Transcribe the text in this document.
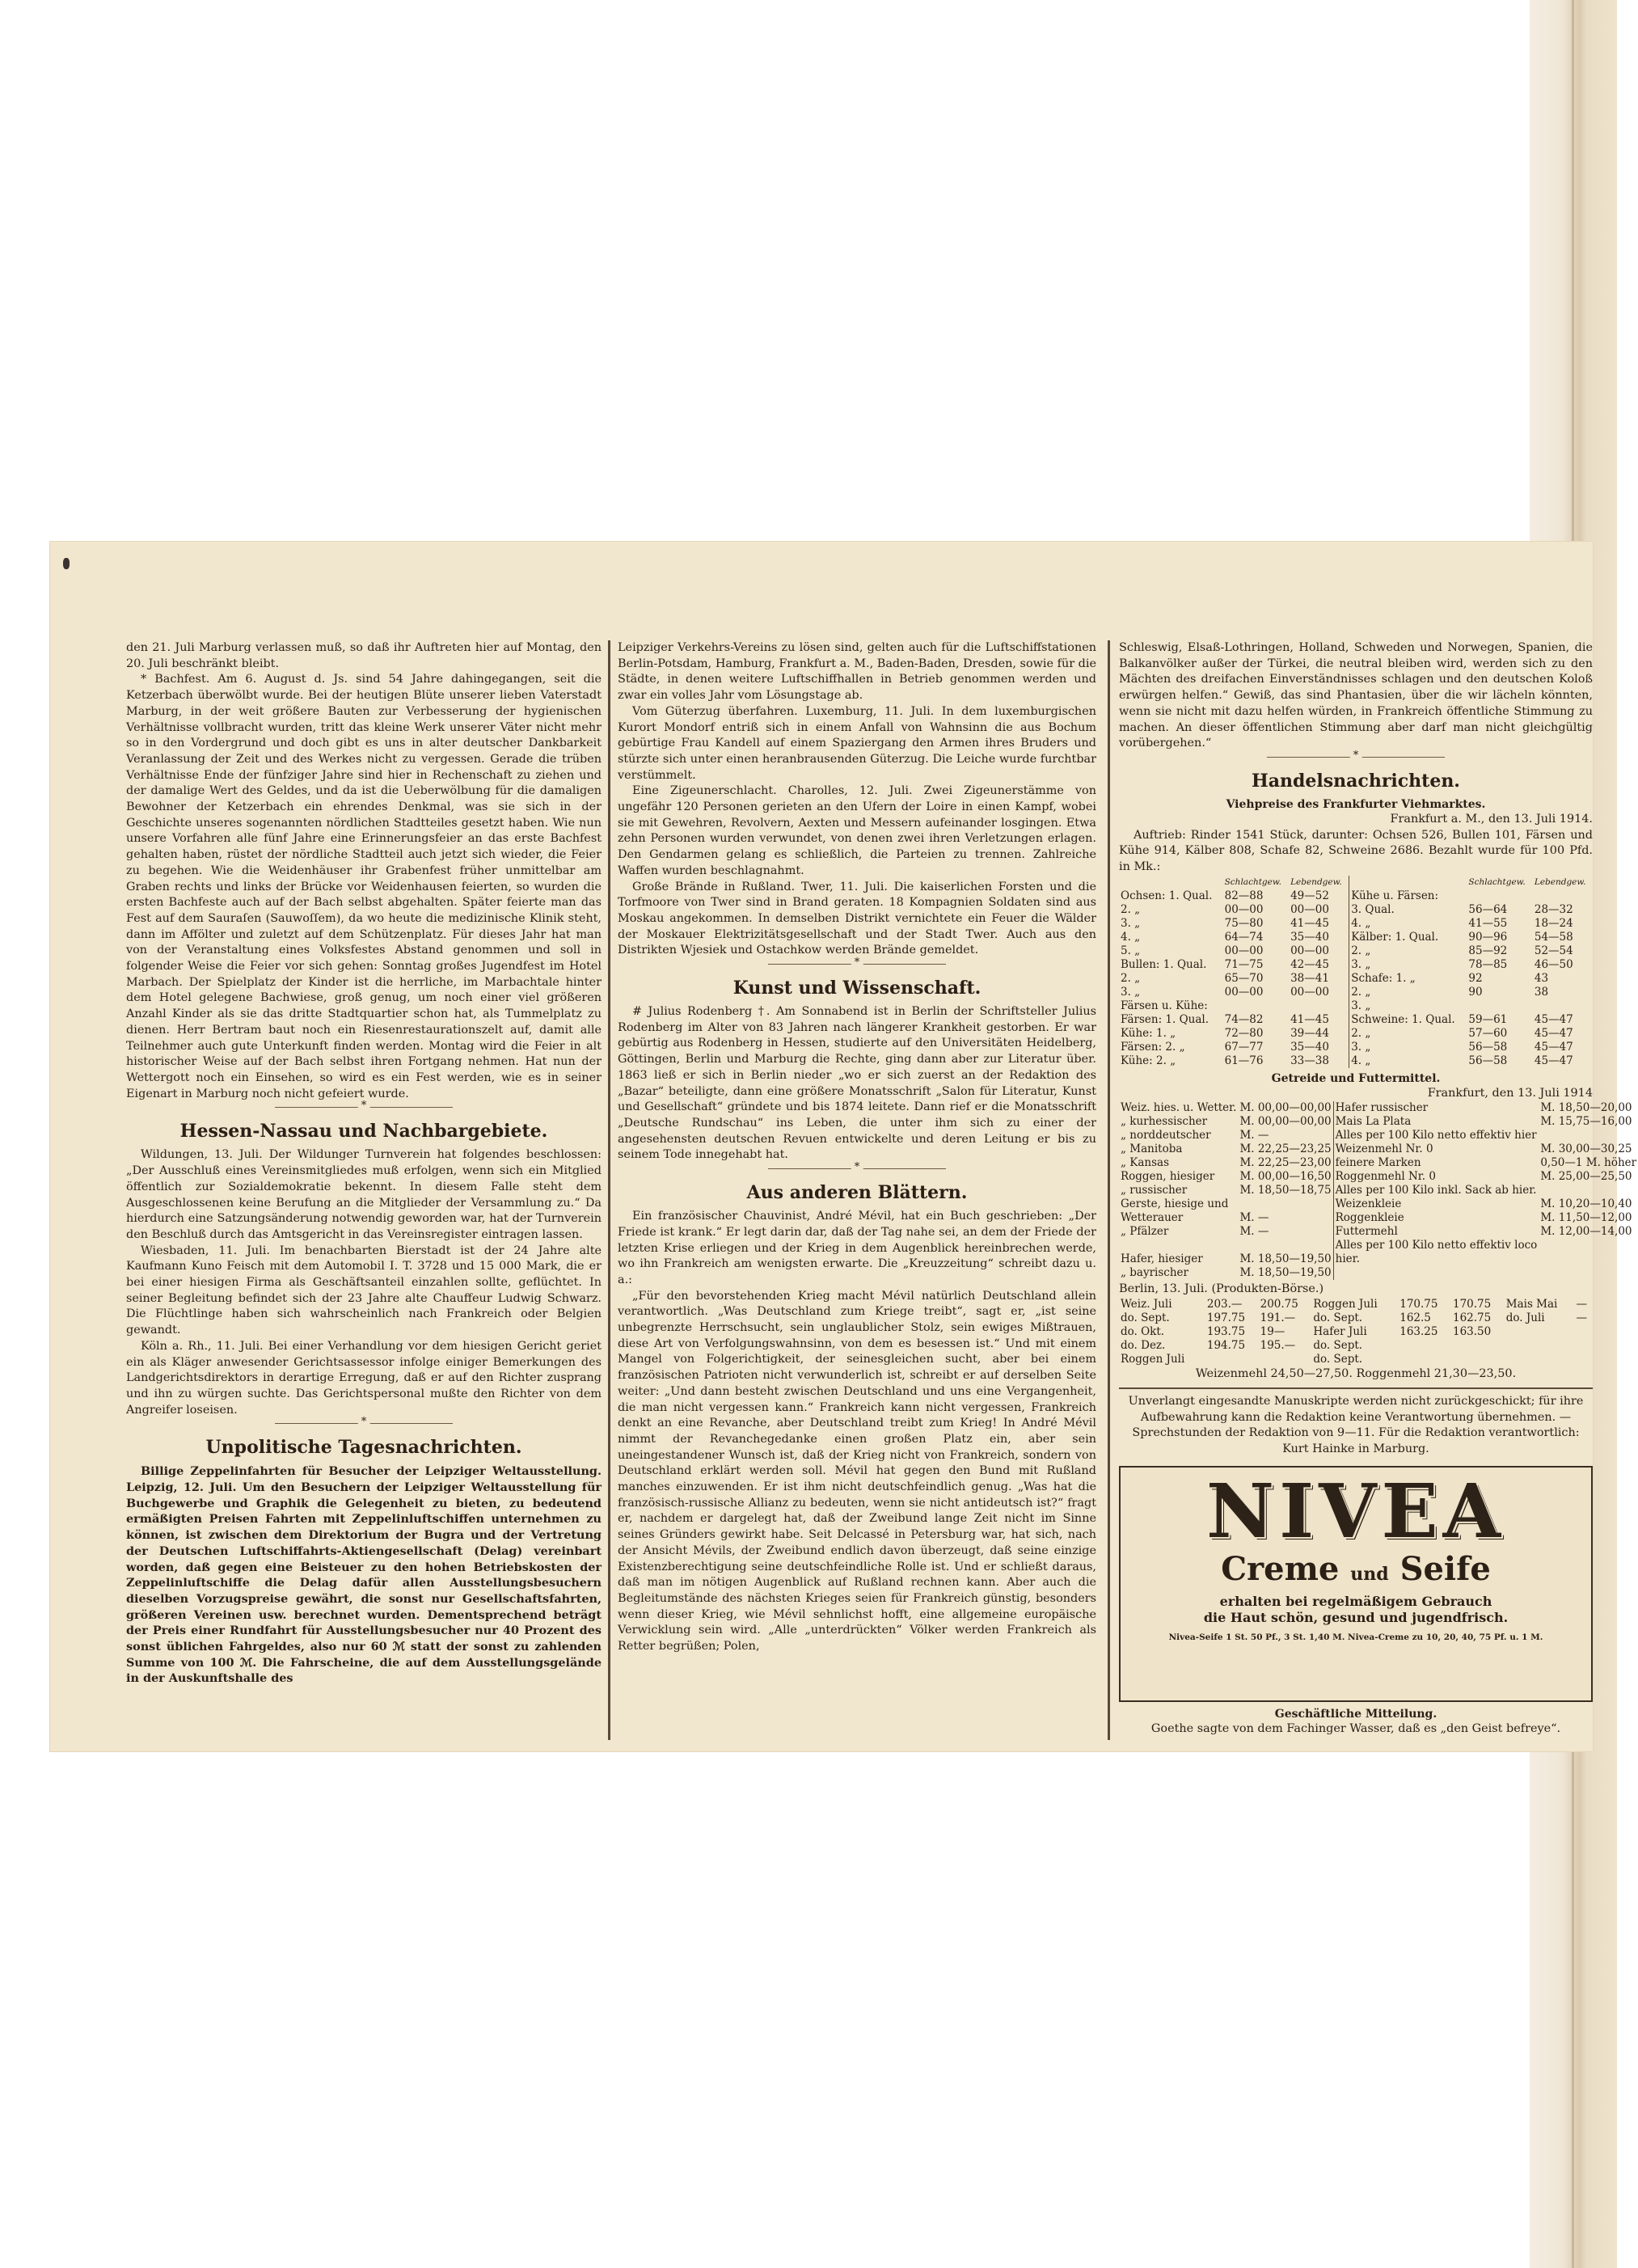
den 21. Juli Marburg verlassen muß, so daß ihr Auftreten hier auf Montag, den 20. Juli beschränkt bleibt.

* Bachfest. Am 6. August d. Js. sind 54 Jahre dahingegangen, seit die Ketzerbach überwölbt wurde. Bei der heutigen Blüte unserer lieben Vaterstadt Marburg, in der weit größere Bauten zur Verbesserung der hygienischen Verhältnisse vollbracht wurden, tritt das kleine Werk unserer Väter nicht mehr so in den Vordergrund und doch gibt es uns in alter deutscher Dankbarkeit Veranlassung der Zeit und des Werkes nicht zu vergessen. Gerade die trüben Verhältnisse Ende der fünfziger Jahre sind hier in Rechenschaft zu ziehen und der damalige Wert des Geldes, und da ist die Ueberwölbung für die damaligen Bewohner der Ketzerbach ein ehrendes Denkmal, was sie sich in der Geschichte unseres sogenannten nördlichen Stadtteiles gesetzt haben. Wie nun unsere Vorfahren alle fünf Jahre eine Erinnerungsfeier an das erste Bachfest gehalten haben, rüstet der nördliche Stadtteil auch jetzt sich wieder, die Feier zu begehen. Wie die Weidenhäuser ihr Grabenfest früher unmittelbar am Graben rechts und links der Brücke vor Weidenhausen feierten, so wurden die ersten Bachfeste auch auf der Bach selbst abgehalten. Später feierte man das Fest auf dem Sauraſen (Sauwoſſem), da wo heute die medizinische Klinik steht, dann im Affölter und zuletzt auf dem Schützenplatz. Für dieses Jahr hat man von der Veranstaltung eines Volksfestes Abstand genommen und soll in folgender Weise die Feier vor sich gehen: Sonntag großes Jugendfest im Hotel Marbach. Der Spielplatz der Kinder ist die herrliche, im Marbachtale hinter dem Hotel gelegene Bachwiese, groß genug, um noch einer viel größeren Anzahl Kinder als sie das dritte Stadtquartier schon hat, als Tummelplatz zu dienen. Herr Bertram baut noch ein Riesenrestaurationszelt auf, damit alle Teilnehmer auch gute Unterkunft finden werden. Montag wird die Feier in alt historischer Weise auf der Bach selbst ihren Fortgang nehmen. Hat nun der Wettergott noch ein Einsehen, so wird es ein Fest werden, wie es in seiner Eigenart in Marburg noch nicht gefeiert wurde.

*
Hessen-Nassau und Nachbargebiete.

Wildungen, 13. Juli. Der Wildunger Turnverein hat folgendes beschlossen: „Der Ausschluß eines Vereinsmitgliedes muß erfolgen, wenn sich ein Mitglied öffentlich zur Sozialdemokratie bekennt. In diesem Falle steht dem Ausgeschlossenen keine Berufung an die Mitglieder der Versammlung zu.“ Da hierdurch eine Satzungsänderung notwendig geworden war, hat der Turnverein den Beschluß durch das Amtsgericht in das Vereinsregister eintragen lassen.

Wiesbaden, 11. Juli. Im benachbarten Bierstadt ist der 24 Jahre alte Kaufmann Kuno Feisch mit dem Automobil I. T. 3728 und 15 000 Mark, die er bei einer hiesigen Firma als Geschäftsanteil einzahlen sollte, geflüchtet. In seiner Begleitung befindet sich der 23 Jahre alte Chauffeur Ludwig Schwarz. Die Flüchtlinge haben sich wahrscheinlich nach Frankreich oder Belgien gewandt.

Köln a. Rh., 11. Juli. Bei einer Verhandlung vor dem hiesigen Gericht geriet ein als Kläger anwesender Gerichtsassessor infolge einiger Bemerkungen des Landgerichtsdirektors in derartige Erregung, daß er auf den Richter zusprang und ihn zu würgen suchte. Das Gerichtspersonal mußte den Richter von dem Angreifer loseisen.

*
Unpolitische Tagesnachrichten.

Billige Zeppelinfahrten für Besucher der Leipziger Weltausstellung. Leipzig, 12. Juli. Um den Besuchern der Leipziger Weltausstellung für Buchgewerbe und Graphik die Gelegenheit zu bieten, zu bedeutend ermäßigten Preisen Fahrten mit Zeppelinluftschiffen unternehmen zu können, ist zwischen dem Direktorium der Bugra und der Vertretung der Deutschen Luftschiffahrts-Aktiengesellschaft (Delag) vereinbart worden, daß gegen eine Beisteuer zu den hohen Betriebskosten der Zeppelinluftschiffe die Delag dafür allen Ausstellungsbesuchern dieselben Vorzugspreise gewährt, die sonst nur Gesellschaftsfahrten, größeren Vereinen usw. berechnet wurden. Dementsprechend beträgt der Preis einer Rundfahrt für Ausstellungsbesucher nur 40 Prozent des sonst üblichen Fahrgeldes, also nur 60 ℳ statt der sonst zu zahlenden Summe von 100 ℳ. Die Fahrscheine, die auf dem Ausstellungsgelände in der Auskunftshalle des

Leipziger Verkehrs-Vereins zu lösen sind, gelten auch für die Luftschiffstationen Berlin-Potsdam, Hamburg, Frankfurt a. M., Baden-Baden, Dresden, sowie für die Städte, in denen weitere Luftschiffhallen in Betrieb genommen werden und zwar ein volles Jahr vom Lösungstage ab.

Vom Güterzug überfahren. Luxemburg, 11. Juli. In dem luxemburgischen Kurort Mondorf entriß sich in einem Anfall von Wahnsinn die aus Bochum gebürtige Frau Kandell auf einem Spaziergang den Armen ihres Bruders und stürzte sich unter einen heranbrausenden Güterzug. Die Leiche wurde furchtbar verstümmelt.

Eine Zigeunerschlacht. Charolles, 12. Juli. Zwei Zigeunerstämme von ungefähr 120 Personen gerieten an den Ufern der Loire in einen Kampf, wobei sie mit Gewehren, Revolvern, Aexten und Messern aufeinander losgingen. Etwa zehn Personen wurden verwundet, von denen zwei ihren Verletzungen erlagen. Den Gendarmen gelang es schließlich, die Parteien zu trennen. Zahlreiche Waffen wurden beschlagnahmt.

Große Brände in Rußland. Twer, 11. Juli. Die kaiserlichen Forsten und die Torfmoore von Twer sind in Brand geraten. 18 Kompagnien Soldaten sind aus Moskau angekommen. In demselben Distrikt vernichtete ein Feuer die Wälder der Moskauer Elektrizitätsgesellschaft und der Stadt Twer. Auch aus den Distrikten Wjesiek und Ostachkow werden Brände gemeldet.

*
Kunst und Wissenschaft.

# Julius Rodenberg †. Am Sonnabend ist in Berlin der Schriftsteller Julius Rodenberg im Alter von 83 Jahren nach längerer Krankheit gestorben. Er war gebürtig aus Rodenberg in Hessen, studierte auf den Universitäten Heidelberg, Göttingen, Berlin und Marburg die Rechte, ging dann aber zur Literatur über. 1863 ließ er sich in Berlin nieder „wo er sich zuerst an der Redaktion des „Bazar“ beteiligte, dann eine größere Monatsschrift „Salon für Literatur, Kunst und Gesellschaft“ gründete und bis 1874 leitete. Dann rief er die Monatsschrift „Deutsche Rundschau“ ins Leben, die unter ihm sich zu einer der angesehensten deutschen Revuen entwickelte und deren Leitung er bis zu seinem Tode innegehabt hat.

*
Aus anderen Blättern.

Ein französischer Chauvinist, André Mévil, hat ein Buch geschrieben: „Der Friede ist krank.“ Er legt darin dar, daß der Tag nahe sei, an dem der Friede der letzten Krise erliegen und der Krieg in dem Augenblick hereinbrechen werde, wo ihn Frankreich am wenigsten erwarte. Die „Kreuzzeitung“ schreibt dazu u. a.:

„Für den bevorstehenden Krieg macht Mévil natürlich Deutschland allein verantwortlich. „Was Deutschland zum Kriege treibt“, sagt er, „ist seine unbegrenzte Herrschsucht, sein unglaublicher Stolz, sein ewiges Mißtrauen, diese Art von Verfolgungswahnsinn, von dem es besessen ist.“ Und mit einem Mangel von Folgerichtigkeit, der seinesgleichen sucht, aber bei einem französischen Patrioten nicht verwunderlich ist, schreibt er auf derselben Seite weiter: „Und dann besteht zwischen Deutschland und uns eine Vergangenheit, die man nicht vergessen kann.“ Frankreich kann nicht vergessen, Frankreich denkt an eine Revanche, aber Deutschland treibt zum Krieg! In André Mévil nimmt der Revanchegedanke einen großen Platz ein, aber sein uneingestandener Wunsch ist, daß der Krieg nicht von Frankreich, sondern von Deutschland erklärt werden soll. Mévil hat gegen den Bund mit Rußland manches einzuwenden. Er ist ihm nicht deutschfeindlich genug. „Was hat die französisch-russische Allianz zu bedeuten, wenn sie nicht antideutsch ist?“ fragt er, nachdem er dargelegt hat, daß der Zweibund lange Zeit nicht im Sinne seines Gründers gewirkt habe. Seit Delcassé in Petersburg war, hat sich, nach der Ansicht Mévils, der Zweibund endlich davon überzeugt, daß seine einzige Existenzberechtigung seine deutschfeindliche Rolle ist. Und er schließt daraus, daß man im nötigen Augenblick auf Rußland rechnen kann. Aber auch die Begleitumstände des nächsten Krieges seien für Frankreich günstig, besonders wenn dieser Krieg, wie Mévil sehnlichst hofft, eine allgemeine europäische Verwicklung sein wird. „Alle „unterdrückten“ Völker werden Frankreich als Retter begrüßen; Polen,

Schleswig, Elsaß-Lothringen, Holland, Schweden und Norwegen, Spanien, die Balkanvölker außer der Türkei, die neutral bleiben wird, werden sich zu den Mächten des dreifachen Einverständnisses schlagen und den deutschen Koloß erwürgen helfen.“ Gewiß, das sind Phantasien, über die wir lächeln könnten, wenn sie nicht mit dazu helfen würden, in Frankreich öffentliche Stimmung zu machen. An dieser öffentlichen Stimmung aber darf man nicht gleichgültig vorübergehen.“

*
Handelsnachrichten.
Viehpreise des Frankfurter Viehmarktes.
Frankfurt a. M., den 13. Juli 1914.

Auftrieb: Rinder 1541 Stück, darunter: Ochsen 526, Bullen 101, Färsen und Kühe 914, Kälber 808, Schafe 82, Schweine 2686. Bezahlt wurde für 100 Pfd. in Mk.:

	Schlachtgew.	Lebendgew.		Schlachtgew.	Lebendgew.
Ochsen: 1. Qual.	82—88	49—52	Kühe u. Färsen:		
2. „	00—00	00—00	3. Qual.	56—64	28—32
3. „	75—80	41—45	4. „	41—55	18—24
4. „	64—74	35—40	Kälber: 1. Qual.	90—96	54—58
5. „	00—00	00—00	2. „	85—92	52—54
Bullen: 1. Qual.	71—75	42—45	3. „	78—85	46—50
2. „	65—70	38—41	Schafe: 1. „	92	43
3. „	00—00	00—00	2. „	90	38
Färsen u. Kühe:			3. „		
Färsen: 1. Qual.	74—82	41—45	Schweine: 1. Qual.	59—61	45—47
Kühe: 1. „	72—80	39—44	2. „	57—60	45—47
Färsen: 2. „	67—77	35—40	3. „	56—58	45—47
Kühe: 2. „	61—76	33—38	4. „	56—58	45—47
Getreide und Futtermittel.
Frankfurt, den 13. Juli 1914
Weiz. hies. u. Wetter.	M. 00,00—00,00	Hafer russischer	M. 18,50—20,00
„ kurhessischer	M. 00,00—00,00	Mais La Plata	M. 15,75—16,00
„ norddeutscher	M. —	Alles per 100 Kilo netto effektiv hier	
„ Manitoba	M. 22,25—23,25	Weizenmehl Nr. 0	M. 30,00—30,25
„ Kansas	M. 22,25—23,00	feinere Marken	0,50—1 M. höher
Roggen, hiesiger	M. 00,00—16,50	Roggenmehl Nr. 0	M. 25,00—25,50
„ russischer	M. 18,50—18,75	Alles per 100 Kilo inkl. Sack ab hier.	
Gerste, hiesige und		Weizenkleie	M. 10,20—10,40
Wetterauer	M. —	Roggenkleie	M. 11,50—12,00
„ Pfälzer	M. —	Futtermehl	M. 12,00—14,00
		Alles per 100 Kilo netto effektiv loco	
Hafer, hiesiger	M. 18,50—19,50	hier.	
„ bayrischer	M. 18,50—19,50		
Berlin, 13. Juli. (Produkten-Börse.)
Weiz. Juli	203.—	200.75	Roggen Juli	170.75	170.75	Mais Mai	—
do. Sept.	197.75	191.—	do. Sept.	162.5	162.75	do. Juli	—
do. Okt.	193.75	19—	Hafer Juli	163.25	163.50		
do. Dez.	194.75	195.—	do. Sept.				
Roggen Juli			do. Sept.				
Weizenmehl 24,50—27,50. Roggenmehl 21,30—23,50.

Unverlangt eingesandte Manuskripte werden nicht zurückgeschickt; für ihre Aufbewahrung kann die Redaktion keine Verantwortung übernehmen. — Sprechstunden der Redaktion von 9—11. Für die Redaktion verantwortlich: Kurt Hainke in Marburg.

NIVEA
Creme und Seife
erhalten bei regelmäßigem Gebrauch
die Haut schön, gesund und jugendfrisch.
Nivea-Seife 1 St. 50 Pf., 3 St. 1,40 M. Nivea-Creme zu 10, 20, 40, 75 Pf. u. 1 M.
Geschäftliche Mitteilung.

Goethe sagte von dem Fachinger Wasser, daß es „den Geist befreye“.
